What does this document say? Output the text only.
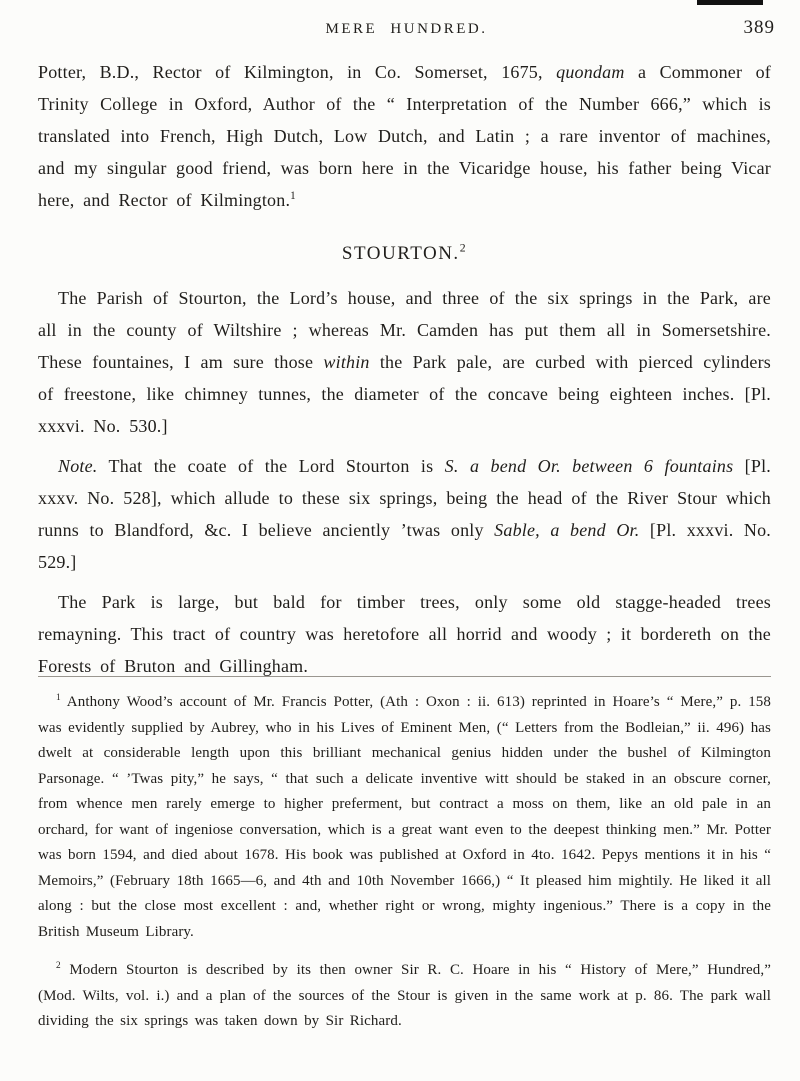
MERE HUNDRED.	389

Potter, B.D., Rector of Kilmington, in Co. Somerset, 1675, quondam a Commoner of Trinity College in Oxford, Author of the “ Interpretation of the Number 666,” which is translated into French, High Dutch, Low Dutch, and Latin ; a rare inventor of machines, and my singular good friend, was born here in the Vicaridge house, his father being Vicar here, and Rector of Kilmington.$^1$

STOURTON.$^2$

The Parish of Stourton, the Lord’s house, and three of the six springs in the Park, are all in the county of Wiltshire ; whereas Mr. Camden has put them all in Somersetshire. These fountaines, I am sure those within the Park pale, are curbed with pierced cylinders of freestone, like chimney tunnes, the diameter of the concave being eighteen inches. [Pl. xxxvi. No. 530.]

Note. That the coate of the Lord Stourton is S. a bend Or. between 6 fountains [Pl. xxxv. No. 528], which allude to these six springs, being the head of the River Stour which runns to Blandford, &c. I believe anciently ’twas only Sable, a bend Or. [Pl. xxxvi. No. 529.]

The Park is large, but bald for timber trees, only some old stagge-headed trees remayning. This tract of country was heretofore all horrid and woody ; it bordereth on the Forests of Bruton and Gillingham.

$^1$ Anthony Wood’s account of Mr. Francis Potter, (Ath : Oxon : ii. 613) reprinted in Hoare’s “ Mere,” p. 158 was evidently supplied by Aubrey, who in his Lives of Eminent Men, (“ Letters from the Bodleian,” ii. 496) has dwelt at considerable length upon this brilliant mechanical genius hidden under the bushel of Kilmington Parsonage. “ ’Twas pity,” he says, “ that such a delicate inventive witt should be staked in an obscure corner, from whence men rarely emerge to higher preferment, but contract a moss on them, like an old pale in an orchard, for want of ingeniose conversation, which is a great want even to the deepest thinking men.” Mr. Potter was born 1594, and died about 1678. His book was published at Oxford in 4to. 1642. Pepys mentions it in his “ Memoirs,” (February 18th 1665—6, and 4th and 10th November 1666,) “ It pleased him mightily. He liked it all along : but the close most excellent : and, whether right or wrong, mighty ingenious.” There is a copy in the British Museum Library.

$^2$ Modern Stourton is described by its then owner Sir R. C. Hoare in his “ History of Mere,” Hundred,” (Mod. Wilts, vol. i.) and a plan of the sources of the Stour is given in the same work at p. 86. The park wall dividing the six springs was taken down by Sir Richard.
